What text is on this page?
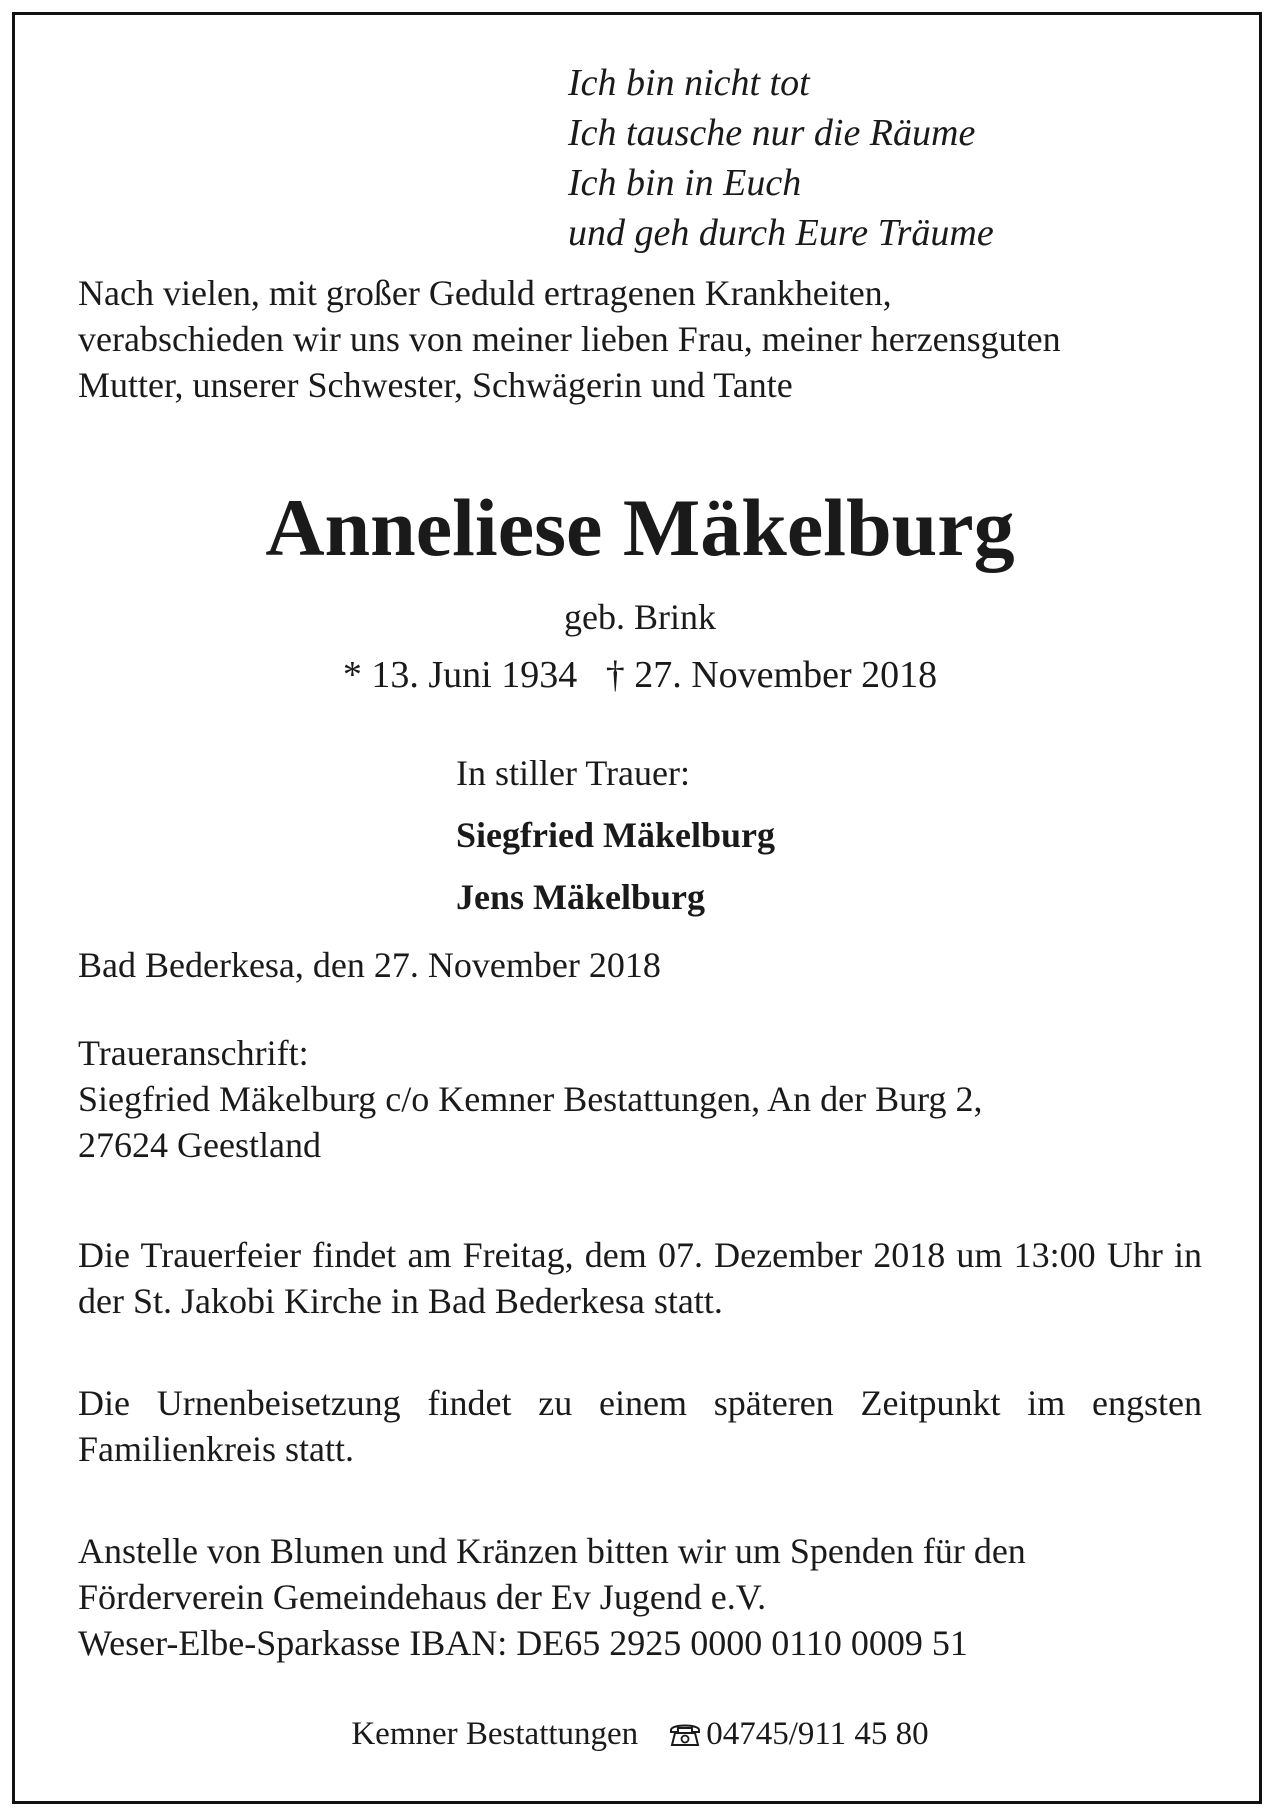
Ich bin nicht tot
Ich tausche nur die Räume
Ich bin in Euch
und geh durch Eure Träume
Nach vielen, mit großer Geduld ertragenen Krankheiten,
verabschieden wir uns von meiner lieben Frau, meiner herzensguten
Mutter, unserer Schwester, Schwägerin und Tante
Anneliese Mäkelburg
geb. Brink
* 13. Juni 1934   † 27. November 2018
In stiller Trauer:
Siegfried Mäkelburg
Jens Mäkelburg
Bad Bederkesa, den 27. November 2018
Traueranschrift:
Siegfried Mäkelburg c/o Kemner Bestattungen, An der Burg 2,
27624 Geestland
Die Trauerfeier findet am Freitag, dem 07. Dezember 2018 um 13:00 Uhr in der St. Jakobi Kirche in Bad Bederkesa statt.
Die Urnenbeisetzung findet zu einem späteren Zeitpunkt im engsten Familienkreis statt.
Anstelle von Blumen und Kränzen bitten wir um Spenden für den
Förderverein Gemeindehaus der Ev Jugend e.V.
Weser-Elbe-Sparkasse IBAN: DE65 2925 0000 0110 0009 51
Kemner Bestattungen 04745/911 45 80
